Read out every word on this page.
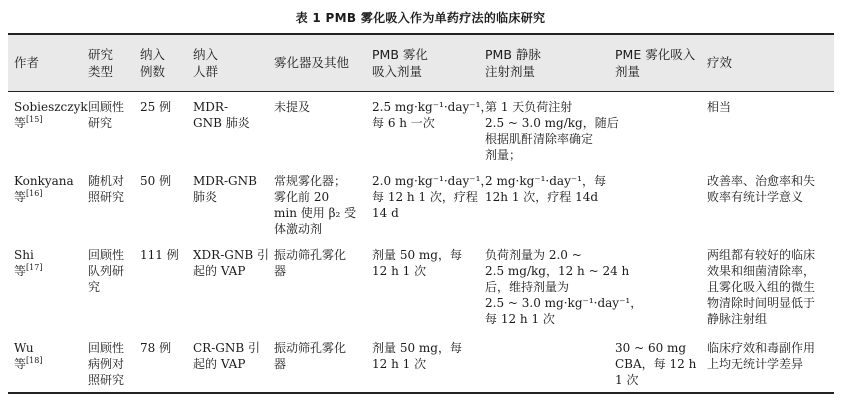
表 1 PMB 雾化吸入作为单药疗法的临床研究
作者
研究
类型
纳入
例数
纳入
人群
雾化器及其他
PMB 雾化
吸入剂量
PMB 静脉
注射剂量
PME 雾化吸入
剂量
疗效
Sobieszczyk
等[15]
回顾性
研究
25 例 MDR-
GNB 肺炎
未提及	2.5 mg·kg⁻¹·day⁻¹，
每 6 h 一次
第 1 天负荷注射
2.5 ~ 3.0 mg/kg，随后
根据肌酐清除率确定
剂量；
相当
Konkyana
等[16]
随机对
照研究
50 例 MDR-GNB
肺炎
常规雾化器；
雾化前 20
min 使用 β₂ 受
体激动剂
2.0 mg·kg⁻¹·day⁻¹，
每 12 h 1 次，疗程
14 d
2 mg·kg⁻¹·day⁻¹，每
12h 1 次，疗程 14d
改善率、治愈率和失
败率有统计学意义
Shi
等[17]
回顾性
队列研
究
111 例 XDR-GNB 引
起的 VAP
振动筛孔雾化
器
剂量 50 mg，每
12 h 1 次
负荷剂量为 2.0 ~
2.5 mg/kg，12 h ~ 24 h
后，维持剂量为
2.5 ~ 3.0 mg·kg⁻¹·day⁻¹，
每 12 h 1 次
两组都有较好的临床
效果和细菌清除率，
且雾化吸入组的微生
物清除时间明显低于
静脉注射组
Wu
等[18]
回顾性
病例对
照研究
78 例 CR-GNB 引
起的 VAP
振动筛孔雾化
器
剂量 50 mg，每
12 h 1 次
30 ~ 60 mg
CBA，每 12 h
1 次
临床疗效和毒副作用
上均无统计学差异
